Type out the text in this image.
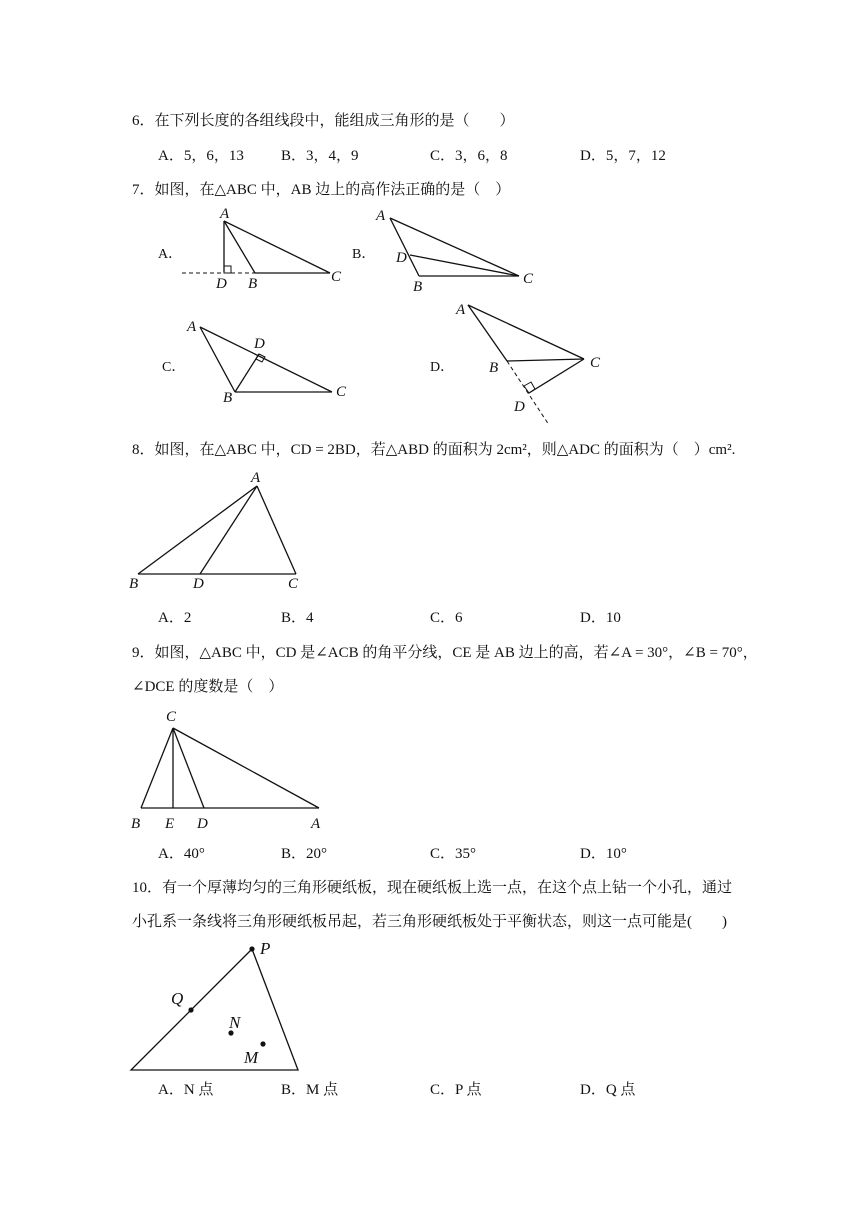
6．在下列长度的各组线段中，能组成三角形的是（　　）
A．5，6，13 B．3，4，9	C．3，6，8	D．5，7，12
7．如图，在△ABC 中，AB 边上的高作法正确的是（　）
A．
A
D B	C
B．
A
D
B	C
C．
A
D
B	C
D．
A
B	C
D
8．如图，在△ABC 中，CD = 2BD，若△ABD 的面积为 2cm²，则△ADC 的面积为（　）cm².
A
B	D	C
A．2	B．4	C．6	D．10
9．如图，△ABC 中，CD 是∠ACB 的角平分线，CE 是 AB 边上的高，若∠A = 30°，∠B = 70°，
∠DCE 的度数是（　）
C
B E D	A
A．40°	B．20°	C．35°	D．10°
10．有一个厚薄均匀的三角形硬纸板，现在硬纸板上选一点，在这个点上钻一个小孔，通过
小孔系一条线将三角形硬纸板吊起，若三角形硬纸板处于平衡状态，则这一点可能是(　　)
P
Q
N
M
A．N 点	B．M 点	C．P 点	D．Q 点
